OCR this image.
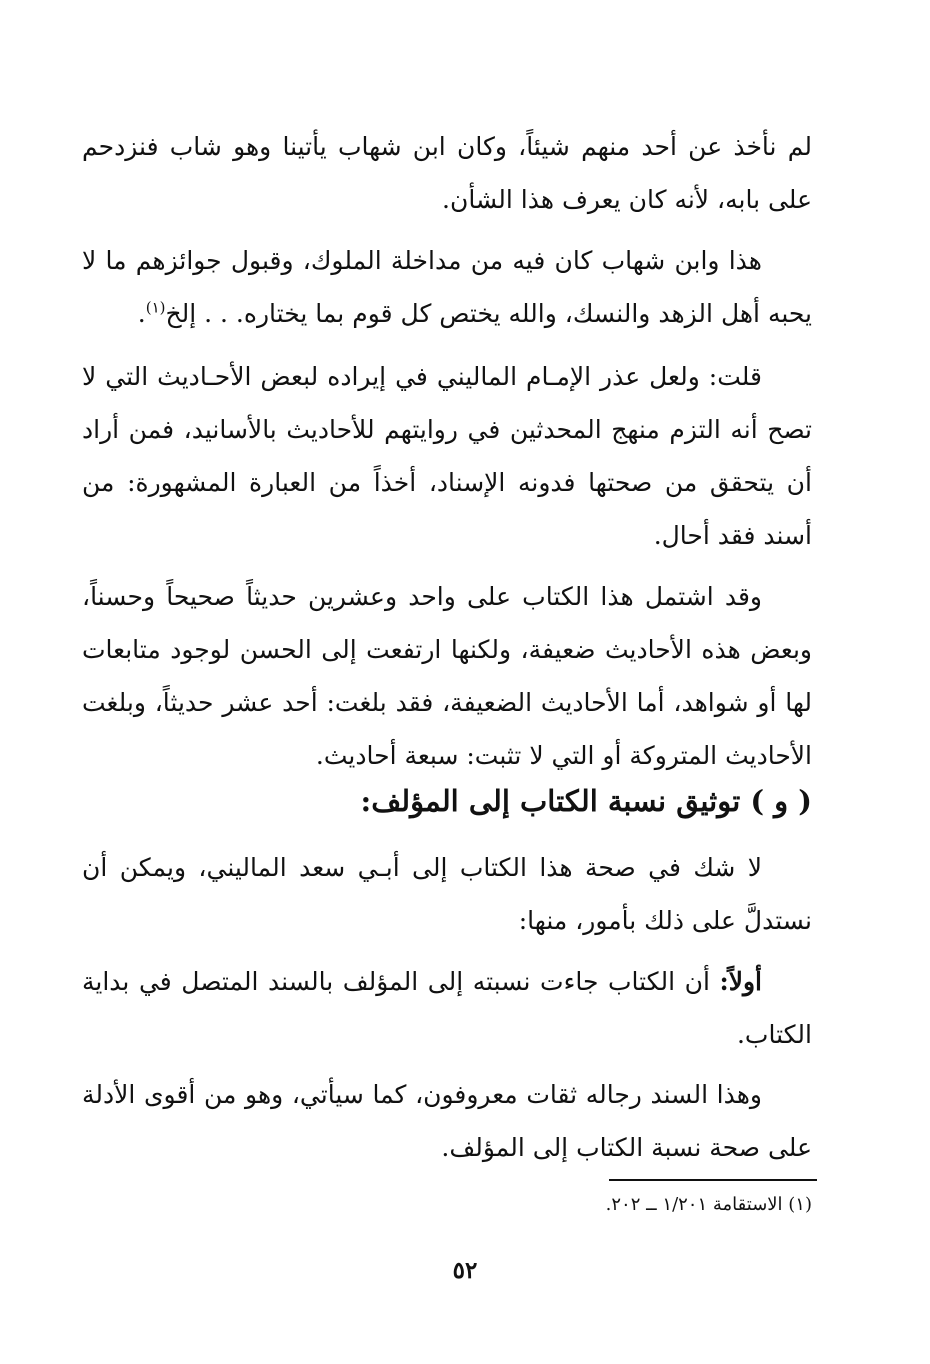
لم نأخذ عن أحد منهم شيئاً، وكان ابن شهاب يأتينا وهو شاب فنزدحم على بابه، لأنه كان يعرف هذا الشأن.

هذا وابن شهاب كان فيه من مداخلة الملوك، وقبول جوائزهم ما لا يحبه أهل الزهد والنسك، والله يختص كل قوم بما يختاره. . . إلخ$^{(١)}$.

قلت: ولعل عذر الإمـام الماليني في إيراده لبعض الأحـاديث التي لا تصح أنه التزم منهج المحدثين في روايتهم للأحاديث بالأسانيد، فمن أراد أن يتحقق من صحتها فدونه الإسناد، أخذاً من العبارة المشهورة: من أسند فقد أحال.

وقد اشتمل هذا الكتاب على واحد وعشرين حديثاً صحيحاً وحسناً، وبعض هذه الأحاديث ضعيفة، ولكنها ارتفعت إلى الحسن لوجود متابعات لها أو شواهد، أما الأحاديث الضعيفة، فقد بلغت: أحد عشر حديثاً، وبلغت الأحاديث المتروكة أو التي لا تثبت: سبعة أحاديث.

( و ) توثيق نسبة الكتاب إلى المؤلف:

لا شك في صحة هذا الكتاب إلى أبـي سعد الماليني، ويمكن أن نستدلَّ على ذلك بأمور، منها:

أولاً: أن الكتاب جاءت نسبته إلى المؤلف بالسند المتصل في بداية الكتاب.

وهذا السند رجاله ثقات معروفون، كما سيأتي، وهو من أقوى الأدلة على صحة نسبة الكتاب إلى المؤلف.

(١) الاستقامة ١/٢٠١ ــ ٢٠٢.

٥٢
